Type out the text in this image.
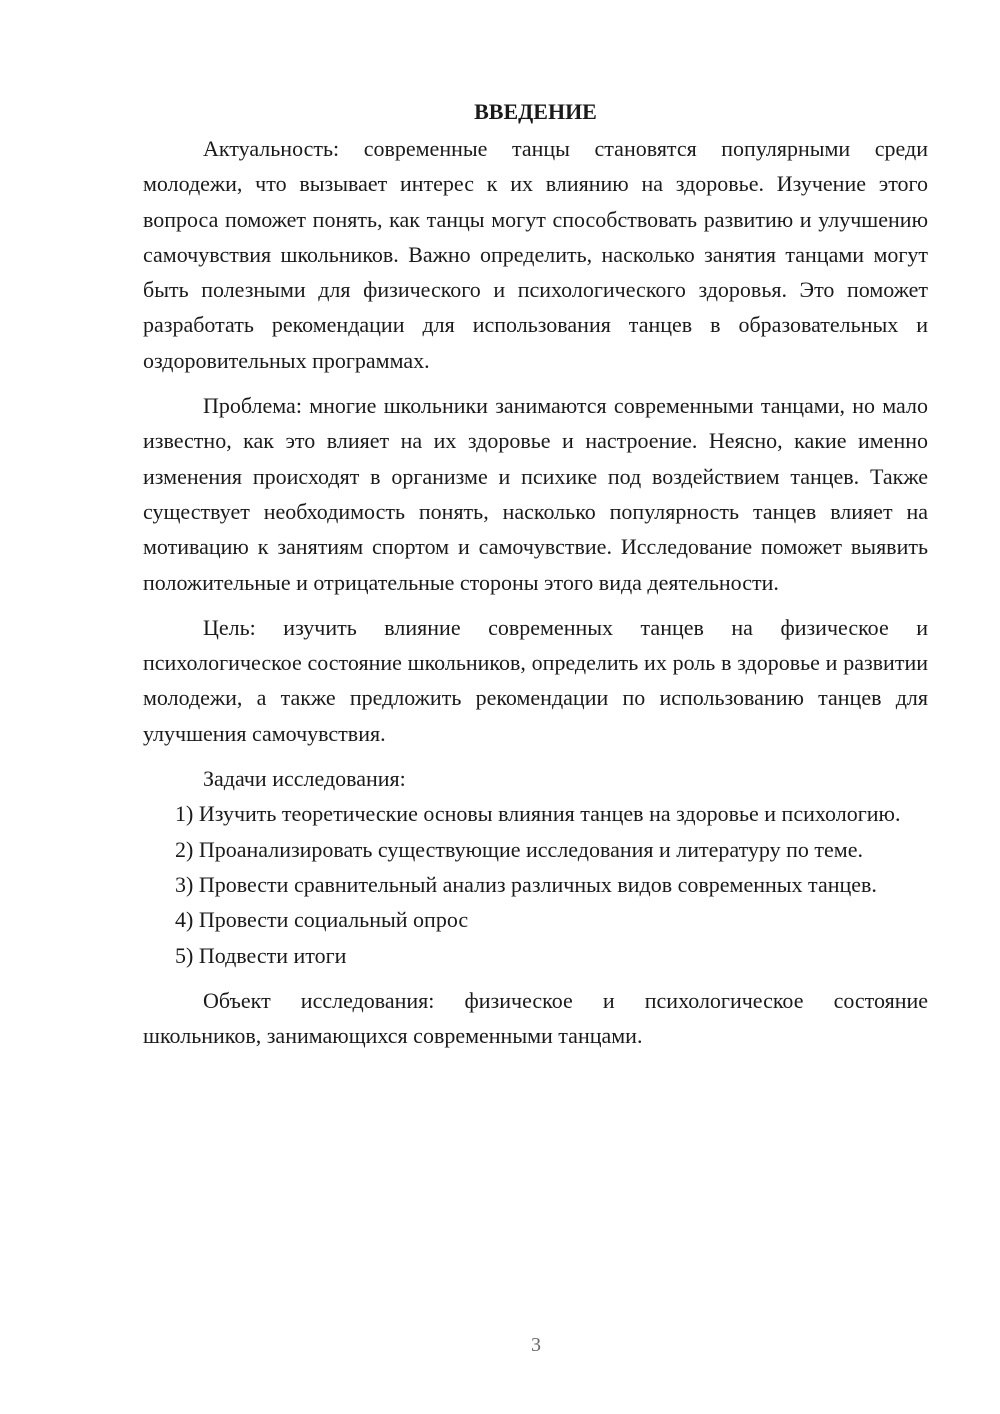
ВВЕДЕНИЕ

Актуальность: современные танцы становятся популярными среди молодежи, что вызывает интерес к их влиянию на здоровье. Изучение этого вопроса поможет понять, как танцы могут способствовать развитию и улучшению самочувствия школьников. Важно определить, насколько занятия танцами могут быть полезными для физического и психологического здоровья. Это поможет разработать рекомендации для использования танцев в образовательных и оздоровительных программах.

Проблема: многие школьники занимаются современными танцами, но мало известно, как это влияет на их здоровье и настроение. Неясно, какие именно изменения происходят в организме и психике под воздействием танцев. Также существует необходимость понять, насколько популярность танцев влияет на мотивацию к занятиям спортом и самочувствие. Исследование поможет выявить положительные и отрицательные стороны этого вида деятельности.

Цель: изучить влияние современных танцев на физическое и психологическое состояние школьников, определить их роль в здоровье и развитии молодежи, а также предложить рекомендации по использованию танцев для улучшения самочувствия.

Задачи исследования:

1) Изучить теоретические основы влияния танцев на здоровье и психологию.

2) Проанализировать существующие исследования и литературу по теме.

3) Провести сравнительный анализ различных видов современных танцев.

4) Провести социальный опрос

5) Подвести итоги

Объект исследования: физическое и психологическое состояние школьников, занимающихся современными танцами.

3
